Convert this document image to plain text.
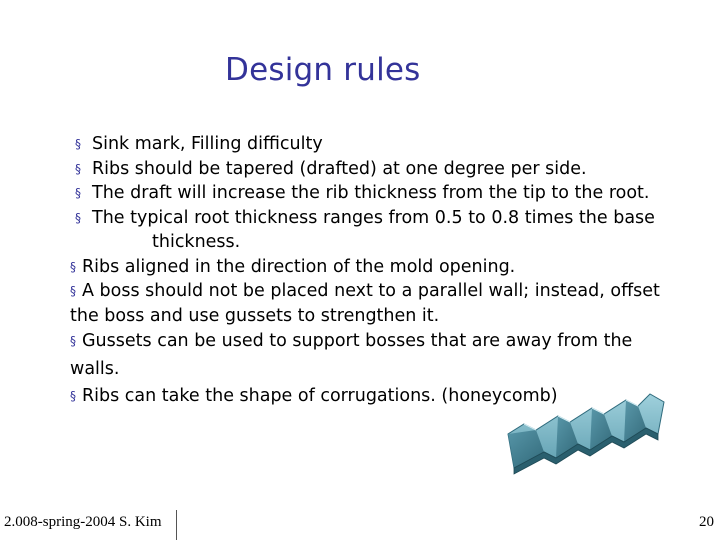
Design rules
§ Sink mark, Filling difficulty
§ Ribs should be tapered (drafted) at one degree per side.
§ The draft will increase the rib thickness from the tip to the root.
§ The typical root thickness ranges from 0.5 to 0.8 times the base
thickness.

§ Ribs aligned in the direction of the mold opening.

§ A boss should not be placed next to a parallel wall; instead, offset
the boss and use gussets to strengthen it.

§ Gussets can be used to support bosses that are away from the
walls.

§ Ribs can take the shape of corrugations. (honeycomb)

2.008-spring-2004 S. Kim	20
